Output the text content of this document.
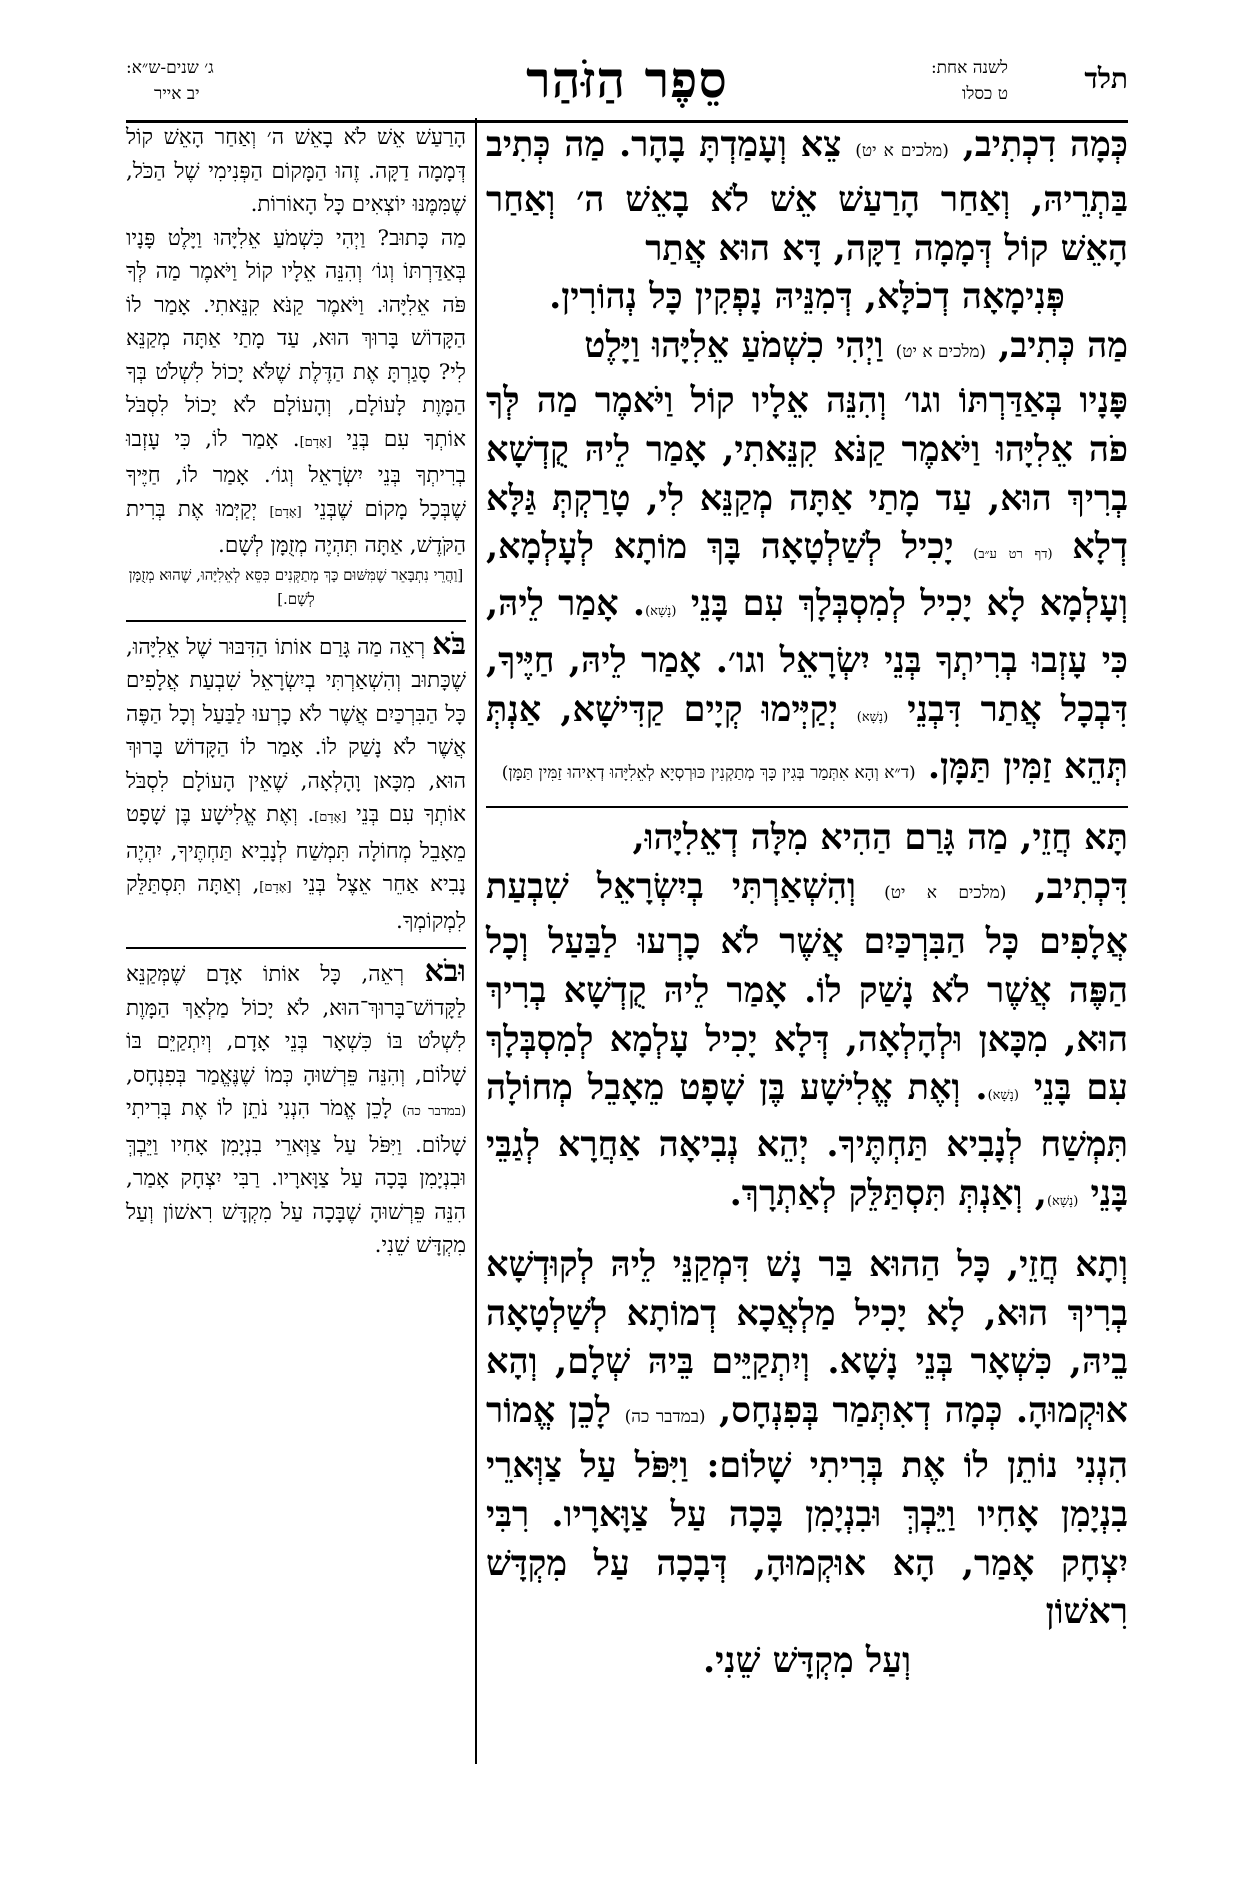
תלד
לשנה אחת:
ט כסלו
סֵפֶר הַזֹּהַר
ג׳ שנים-ש״א:
יב אייר

כְּמָה דִכְתִיב, (מלכים א יט) צֵא וְעָמַדְתָּ בָהָר. מַה כְּתִיב בַּתְרֵיהּ, וְאַחַר הָרַעַשׁ אֵשׁ לֹא בָאֵשׁ ה׳ וְאַחַר הָאֵשׁ קוֹל דְּמָמָה דַקָּה, דָּא הוּא אֲתַר

פְּנִימָאָה דְכֹלָּא, דְּמִנֵּיהּ נָפְקִין כָּל נְהוֹרִין.

מַה כְּתִיב, (מלכים א יט) וַיְהִי כִשְׁמֹעַ אֵלִיָּהוּ וַיָּלֶט

פָּנָיו בְּאַדַּרְתּוֹ וגו׳ וְהִנֵּה אֵלָיו קוֹל וַיֹּאמֶר מַה לְּךָ פֹה אֵלִיָּהוּ וַיֹּאמֶר קַנֹּא קִנֵּאתִי, אָמַר לֵיהּ קֻדְשָׁא בְרִיךְ הוּא, עַד מָתַי אַתָּה מְקַנֵּא לִי, טָרַקְתְּ גַּלָּא דְלָא (דף רט ע״ב) יָכִיל לְשַׁלְטָאָה בָּךְ מוֹתָא לְעָלְמָא, וְעָלְמָא לָא יָכִיל לְמִסְבְּלָךְ עִם בָּנֵי (נָשָׁא). אָמַר לֵיהּ, כִּי עָזְבוּ בְרִיתְךָ בְּנֵי יִשְׂרָאֵל וגו׳. אָמַר לֵיהּ, חַיֶּיךָ, דִּבְכָל אֲתַר דִּבְנֵי (נָשָׁא) יְקַיְּימוּ קְיָים קַדִּישָׁא, אַנְתְּ תְּהֵא זַמִּין תַּמָּן. (ד״א וְהָא אִתְּמַר בְּגִין כָּךְ מְתַקְנִין כּוּרְסְיָא לְאֵלִיָּהוּ דְאִיהוּ זַמִּין תַּמָּן)

תָּא חֲזֵי, מַה גָּרַם הַהִיא מִלָּה דְאֵלִיָּהוּ,

דִּכְתִיב, (מלכים א יט) וְהִשְׁאַרְתִּי בְיִשְׂרָאֵל שִׁבְעַת אֲלָפִים כָּל הַבִּרְכַּיִם אֲשֶׁר לֹא כָרְעוּ לַבַּעַל וְכָל הַפֶּה אֲשֶׁר לֹא נָשַׁק לוֹ. אָמַר לֵיהּ קֻדְשָׁא בְרִיךְ הוּא, מִכָּאן וּלְהָלְאָה, דְּלָא יָכִיל עָלְמָא לְמִסְבְּלָךְ עִם בָּנֵי (נָשָׁא). וְאֶת אֱלִישָׁע בֶּן שָׁפָט מֵאָבֵל מְחוֹלָה תִּמְשַׁח לְנָבִיא תַּחְתֶּיךָ. יְהֵא נְבִיאָה אַחֲרָא לְגַבֵּי בָּנֵי (נָשָׁא), וְאַנְתְּ תִּסְתַּלֵּק לְאַתְרָךְ.

וְתָא חֲזֵי, כָּל הַהוּא בַּר נָשׁ דִּמְקַנֵּי לֵיהּ לְקוּדְשָׁא בְרִיךְ הוּא, לָא יָכִיל מַלְאֲכָא דְמוֹתָא לְשַׁלְטָאָה בֵיהּ, כִּשְׁאָר בְּנֵי נָשָׁא. וְיִתְקַיֵּים בֵּיהּ שְׁלָם, וְהָא אוּקְמוּהָ. כְּמָה דְאִתְּמַר בְּפִנְחָס, (במדבר כה) לָכֵן אֱמוֹר הִנְנִי נוֹתֵן לוֹ אֶת בְּרִיתִי שָׁלוֹם: וַיִּפֹּל עַל צַוְּארֵי בִנְיָמִן אָחִיו וַיֵּבְךְּ וּבִנְיָמִן בָּכָה עַל צַוָּארָיו. רִבִּי יִצְחָק אָמַר, הָא אוּקְמוּהָ, דְּבָכָה עַל מִקְדָּשׁ רִאשׁוֹן

וְעַל מִקְדָּשׁ שֵׁנִי.

הָרַעַשׁ אֵשׁ לֹא בָאֵשׁ ה׳ וְאַחַר הָאֵשׁ קוֹל דְּמָמָה דַקָּה. זֶהוּ הַמָּקוֹם הַפְּנִימִי שֶׁל הַכֹּל, שֶׁמִּמֶּנּוּ יוֹצְאִים כָּל הָאוֹרוֹת.

מַה כָּתוּב? וַיְהִי כִּשְׁמֹעַ אֵלִיָּהוּ וַיָּלֶט פָּנָיו בְּאַדַּרְתּוֹ וְגוֹ׳ וְהִנֵּה אֵלָיו קוֹל וַיֹּאמֶר מַה לְּךָ פֹּה אֵלִיָּהוּ. וַיֹּאמֶר קַנֹּא קִנֵּאתִי. אָמַר לוֹ הַקָּדוֹשׁ בָּרוּךְ הוּא, עַד מָתַי אַתָּה מְקַנֵּא לִי? סָגַרְתָּ אֶת הַדֶּלֶת שֶׁלֹּא יָכוֹל לִשְׁלֹט בְּךָ הַמָּוֶת לָעוֹלָם, וְהָעוֹלָם לֹא יָכוֹל לִסְבֹּל אוֹתְךָ עִם בְּנֵי [אָדָם]. אָמַר לוֹ, כִּי עָזְבוּ בְרִיתְךָ בְּנֵי יִשְׂרָאֵל וְגוֹ׳. אָמַר לוֹ, חַיֶּיךָ שֶׁבְּכָל מָקוֹם שֶׁבְּנֵי [אָדָם] יְקַיְּמוּ אֶת בְּרִית הַקֹּדֶשׁ, אַתָּה תִּהְיֶה מְזֻמָּן לְשָׁם.

[וַהֲרֵי נִתְבָּאֵר שֶׁמִּשּׁוּם כָּךְ מְתַקְּנִים כִּסֵּא לְאֵלִיָּהוּ, שֶׁהוּא מְזֻמָּן לְשָׁם.]

בֹּא רְאֵה מַה גָּרַם אוֹתוֹ הַדִּבּוּר שֶׁל אֵלִיָּהוּ, שֶׁכָּתוּב וְהִשְׁאַרְתִּי בְיִשְׂרָאֵל שִׁבְעַת אֲלָפִים כָּל הַבִּרְכַּיִם אֲשֶׁר לֹא כָרְעוּ לַבַּעַל וְכָל הַפֶּה אֲשֶׁר לֹא נָשַׁק לוֹ. אָמַר לוֹ הַקָּדוֹשׁ בָּרוּךְ הוּא, מִכָּאן וָהָלְאָה, שֶׁאֵין הָעוֹלָם לִסְבֹּל אוֹתְךָ עִם בְּנֵי [אָדָם]. וְאֶת אֱלִישָׁע בֶּן שָׁפָט מֵאָבֵל מְחוֹלָה תִּמְשַׁח לְנָבִיא תַּחְתֶּיךָ, יִהְיֶה נָבִיא אַחֵר אֵצֶל בְּנֵי [אָדָם], וְאַתָּה תִּסְתַּלֵּק לִמְקוֹמְךָ.

וּבֹא רְאֵה, כָּל אוֹתוֹ אָדָם שֶׁמְּקַנֵּא לַקָּדוֹשׁ־בָּרוּךְ־הוּא, לֹא יָכוֹל מַלְאַךְ הַמָּוֶת לִשְׁלֹט בּוֹ כִּשְׁאָר בְּנֵי אָדָם, וְיִתְקַיֵּם בּוֹ שָׁלוֹם, וְהִנֵּה פֵּרְשׁוּהָ כְּמוֹ שֶׁנֶּאֱמַר בְּפִנְחָס, (במדבר כה) לָכֵן אֱמֹר הִנְנִי נֹתֵן לוֹ אֶת בְּרִיתִי שָׁלוֹם. וַיִּפֹּל עַל צַוְּארֵי בִנְיָמִן אָחִיו וַיֵּבְךְּ וּבִנְיָמִן בָּכָה עַל צַוָּארָיו. רַבִּי יִצְחָק אָמַר, הִנֵּה פֵּרְשׁוּהָ שֶׁבָּכָה עַל מִקְדָּשׁ רִאשׁוֹן וְעַל מִקְדָּשׁ שֵׁנִי.
